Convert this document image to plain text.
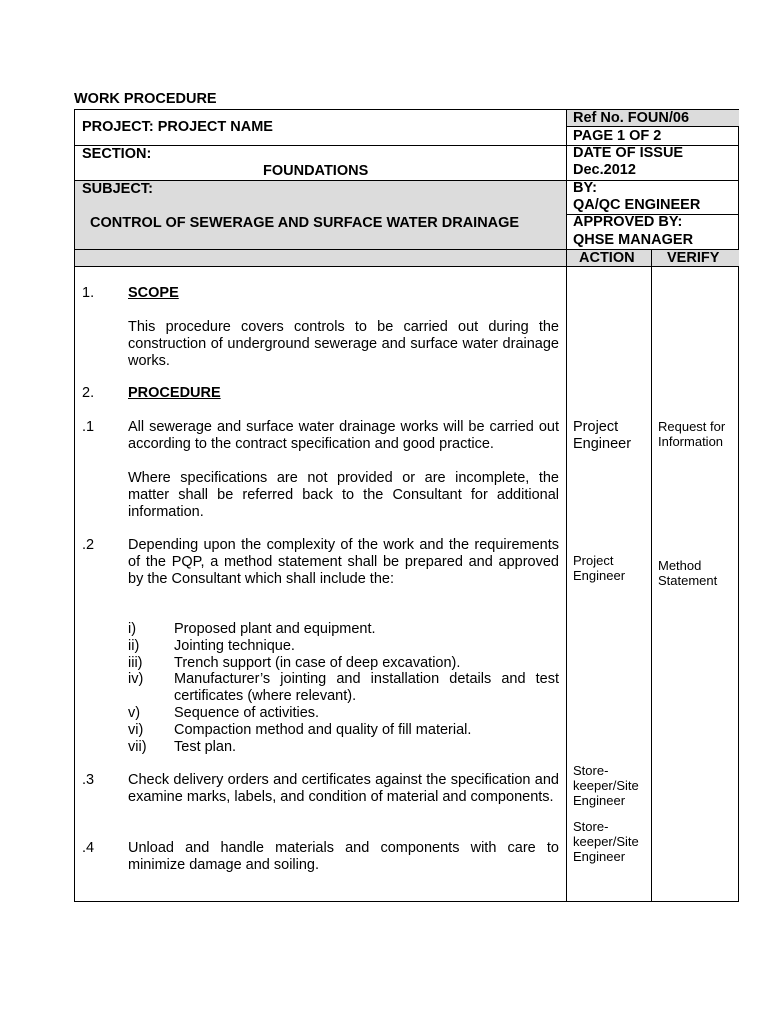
WORK PROCEDURE
PROJECT: PROJECT NAME
SECTION:
FOUNDATIONS
SUBJECT:
CONTROL OF SEWERAGE AND SURFACE WATER DRAINAGE
Ref No. FOUN/06
PAGE 1 OF 2
DATE OF ISSUE
Dec.2012
BY:
QA/QC ENGINEER
APPROVED BY:
QHSE MANAGER
ACTION VERIFY
1. SCOPE
This procedure covers controls to be carried out during the construction of underground sewerage and surface water drainage works.
2. PROCEDURE
.1 All sewerage and surface water drainage works will be carried out according to the contract specification and good practice.
Where specifications are not provided or are incomplete, the matter shall be referred back to the Consultant for additional information.
Project Engineer
Request for Information
.2 Depending upon the complexity of the work and the requirements of the PQP, a method statement shall be prepared and approved by the Consultant which shall include the:
Project Engineer
Method Statement
i)	Proposed plant and equipment.
ii) Jointing technique.
iii) Trench support (in case of deep excavation).
iv) Manufacturer’s jointing and installation details and test certificates (where relevant).
v) Sequence of activities.
vi) Compaction method and quality of fill material.
vii) Test plan.
.3 Check delivery orders and certificates against the specification and examine marks, labels, and condition of material and components.
Store-keeper/Site Engineer
.4 Unload and handle materials and components with care to minimize damage and soiling.
Store-keeper/Site Engineer
